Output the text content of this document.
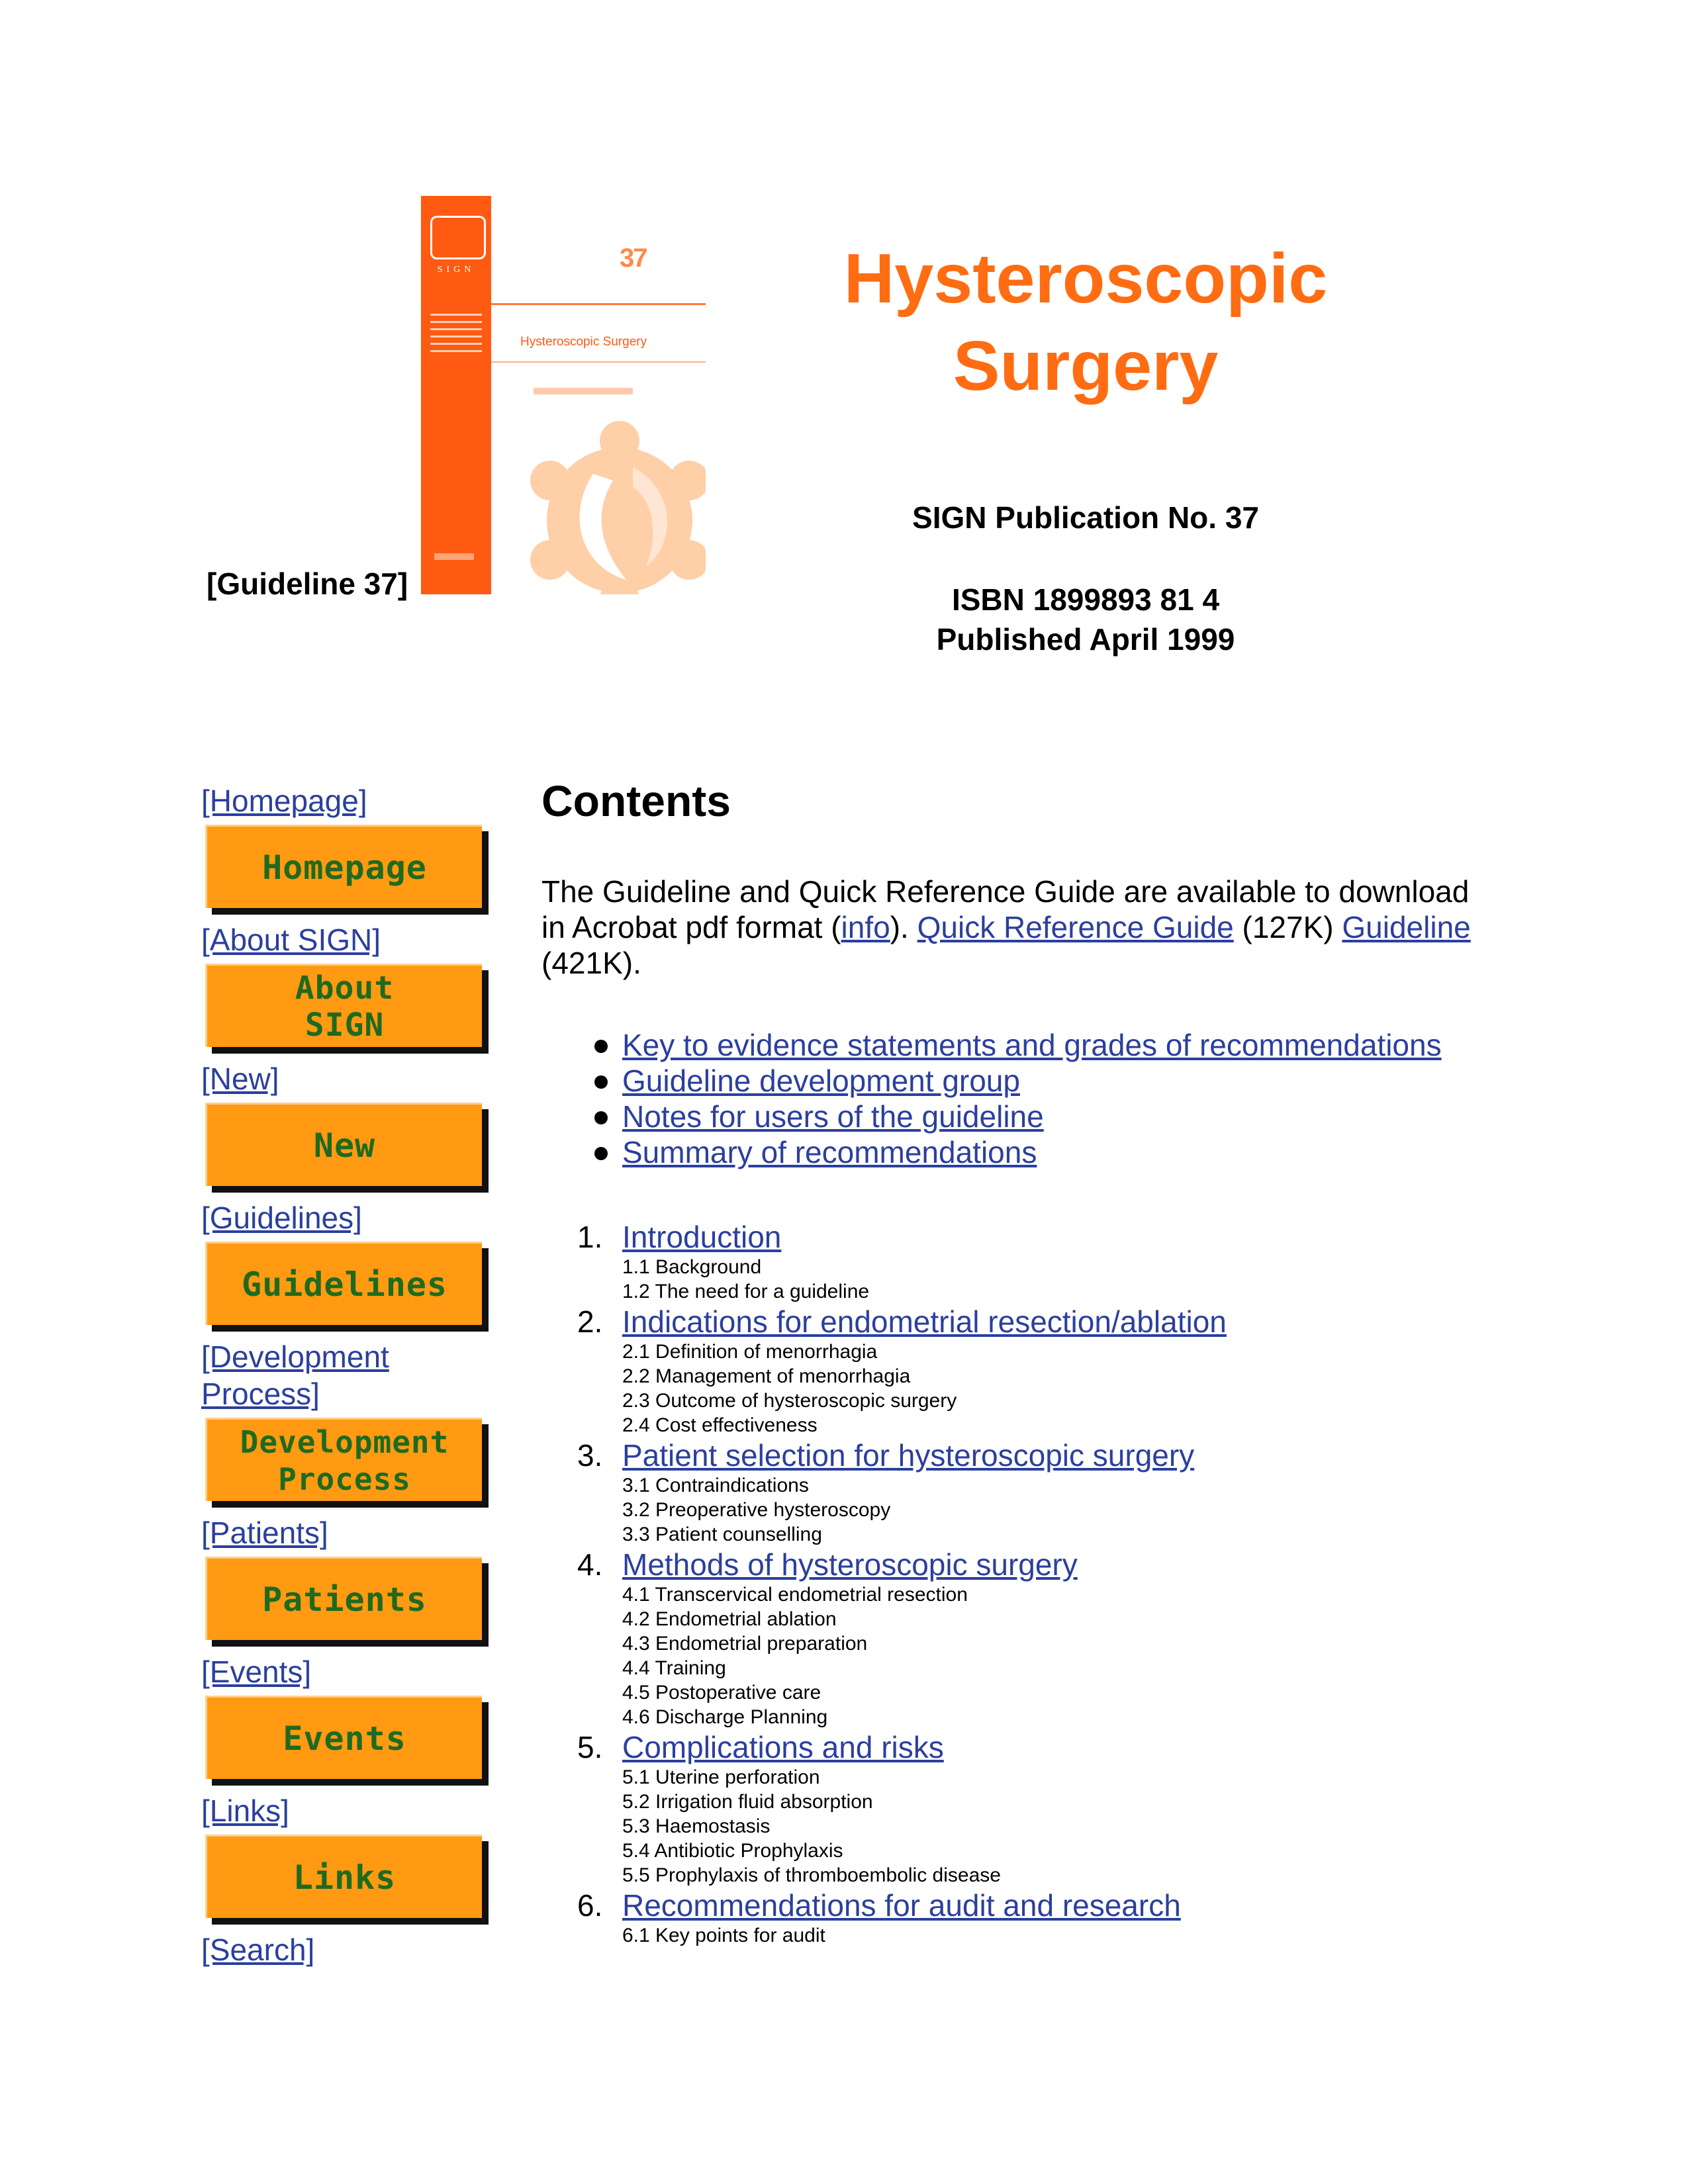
[Guideline 37]
SIGN	37
Hysteroscopic Surgery
Hysteroscopic
Surgery
SIGN Publication No. 37
ISBN 1899893 81 4
Published April 1999
[Homepage]
Homepage
[About SIGN]
About SIGN
[New]
New
[Guidelines]
Guidelines
[Development Process]
Development Process
[Patients]
Patients
[Events]
Events
[Links]
Links
[Search]
Contents

The Guideline and Quick Reference Guide are available to download in Acrobat pdf format (info). Quick Reference Guide (127K) Guideline (421K).

Key to evidence statements and grades of recommendations
Guideline development group
Notes for users of the guideline
Summary of recommendations
1. Introduction
1.1 Background
1.2 The need for a guideline
2. Indications for endometrial resection/ablation
2.1 Definition of menorrhagia
2.2 Management of menorrhagia
2.3 Outcome of hysteroscopic surgery
2.4 Cost effectiveness
3. Patient selection for hysteroscopic surgery
3.1 Contraindications
3.2 Preoperative hysteroscopy
3.3 Patient counselling
4. Methods of hysteroscopic surgery
4.1 Transcervical endometrial resection
4.2 Endometrial ablation
4.3 Endometrial preparation
4.4 Training
4.5 Postoperative care
4.6 Discharge Planning
5. Complications and risks
5.1 Uterine perforation
5.2 Irrigation fluid absorption
5.3 Haemostasis
5.4 Antibiotic Prophylaxis
5.5 Prophylaxis of thromboembolic disease
6. Recommendations for audit and research
6.1 Key points for audit
